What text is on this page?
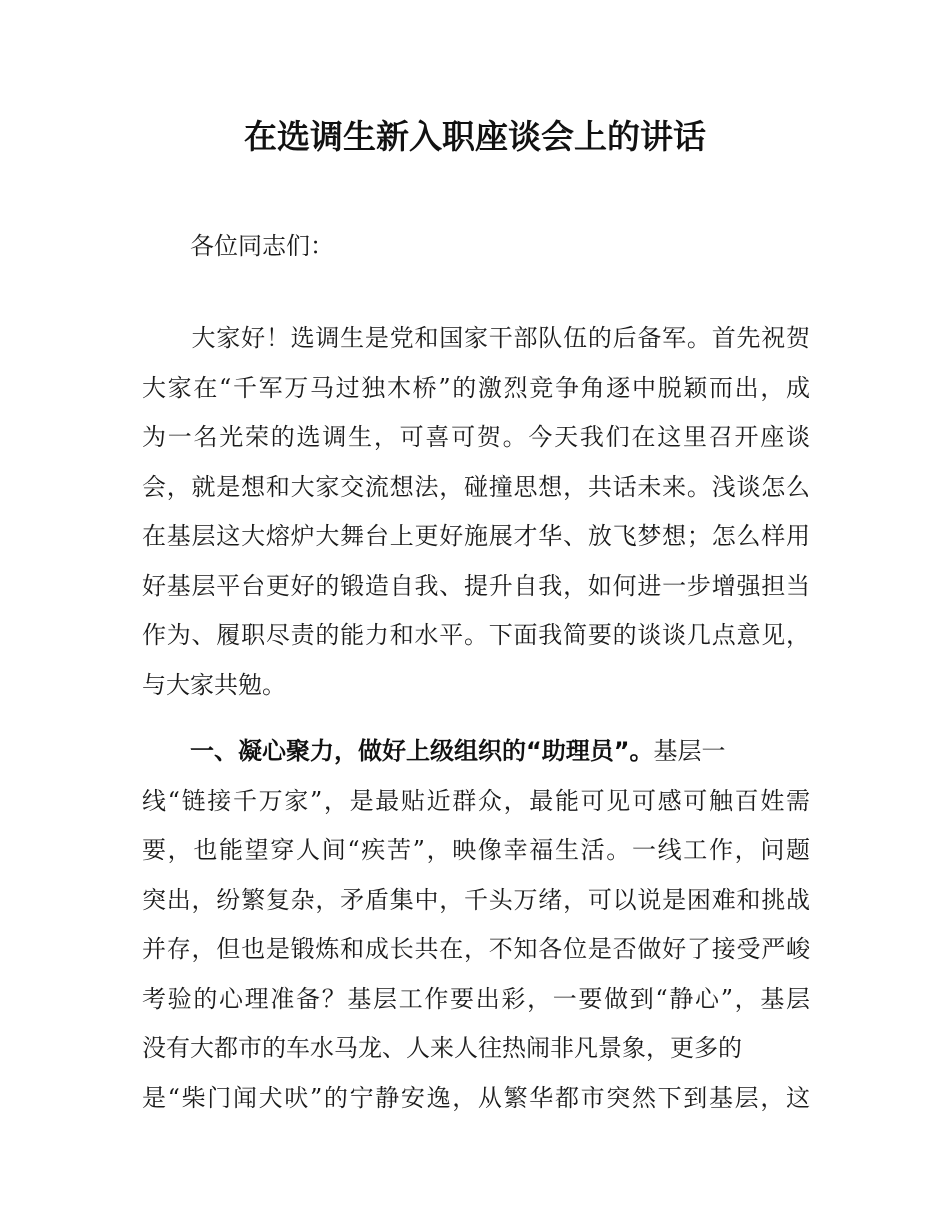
在选调生新入职座谈会上的讲话
　　各位同志们：
　　大家好！选调生是党和国家干部队伍的后备军。首先祝贺
大家在“千军万马过独木桥”的激烈竞争角逐中脱颖而出，成
为一名光荣的选调生，可喜可贺。今天我们在这里召开座谈
会，就是想和大家交流想法，碰撞思想，共话未来。浅谈怎么
在基层这大熔炉大舞台上更好施展才华、放飞梦想；怎么样用
好基层平台更好的锻造自我、提升自我，如何进一步增强担当
作为、履职尽责的能力和水平。下面我简要的谈谈几点意见，
与大家共勉。
　　一、凝心聚力，做好上级组织的“助理员”。基层一
线“链接千万家”，是最贴近群众，最能可见可感可触百姓需
要，也能望穿人间“疾苦”，映像幸福生活。一线工作，问题
突出，纷繁复杂，矛盾集中，千头万绪，可以说是困难和挑战
并存，但也是锻炼和成长共在，不知各位是否做好了接受严峻
考验的心理准备？基层工作要出彩，一要做到“静心”，基层
没有大都市的车水马龙、人来人往热闹非凡景象，更多的
是“柴门闻犬吠”的宁静安逸，从繁华都市突然下到基层，这
